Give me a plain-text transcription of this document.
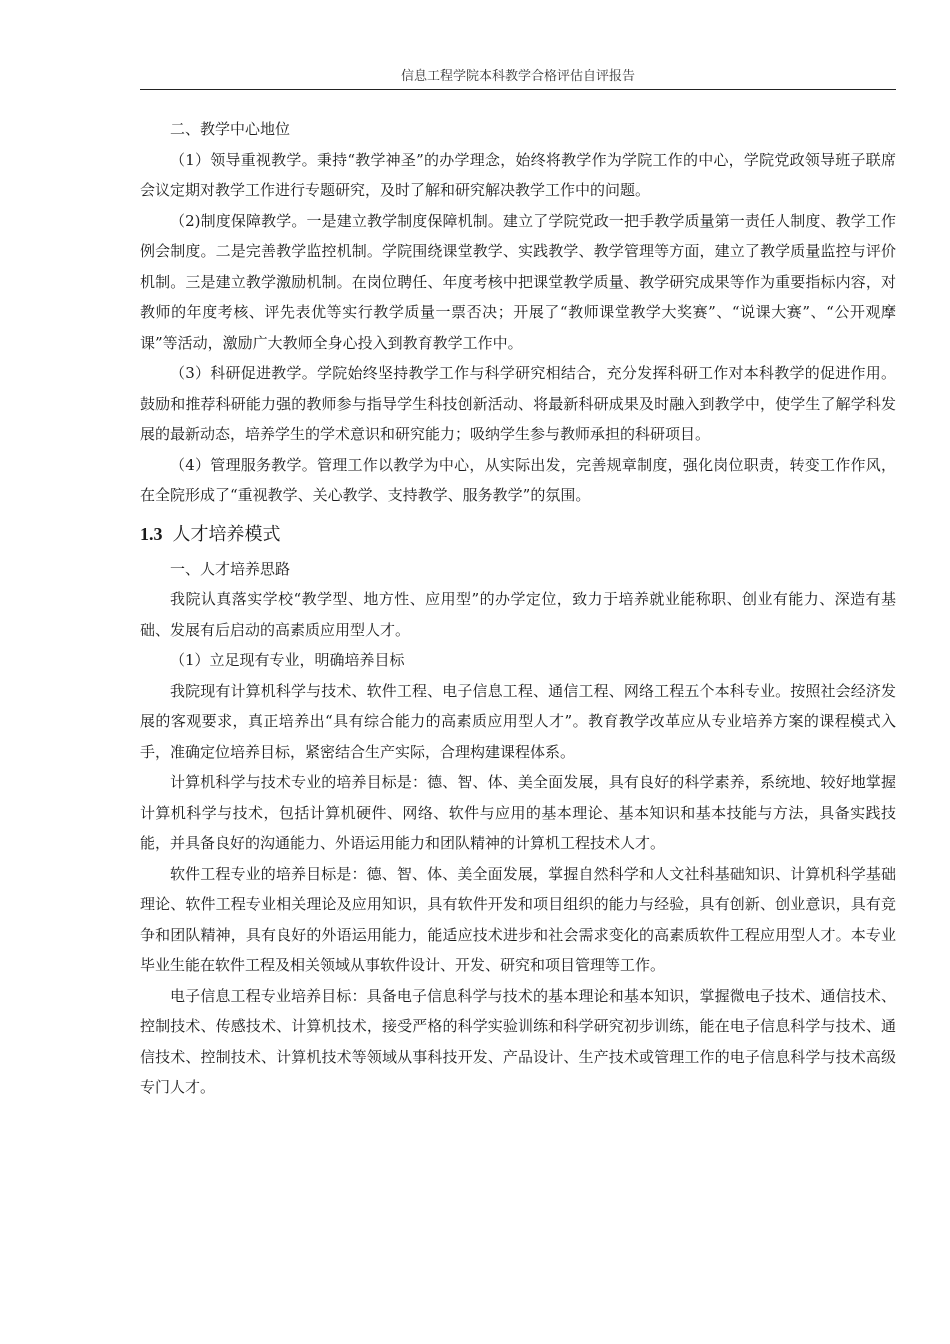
信息工程学院本科教学合格评估自评报告

二、教学中心地位

（1）领导重视教学。秉持“教学神圣”的办学理念，始终将教学作为学院工作的中心，学院党政领导班子联席会议定期对教学工作进行专题研究，及时了解和研究解决教学工作中的问题。

（2)制度保障教学。一是建立教学制度保障机制。建立了学院党政一把手教学质量第一责任人制度、教学工作例会制度。二是完善教学监控机制。学院围绕课堂教学、实践教学、教学管理等方面，建立了教学质量监控与评价机制。三是建立教学激励机制。在岗位聘任、年度考核中把课堂教学质量、教学研究成果等作为重要指标内容，对教师的年度考核、评先表优等实行教学质量一票否决；开展了“教师课堂教学大奖赛”、“说课大赛”、“公开观摩课”等活动，激励广大教师全身心投入到教育教学工作中。

（3）科研促进教学。学院始终坚持教学工作与科学研究相结合，充分发挥科研工作对本科教学的促进作用。鼓励和推荐科研能力强的教师参与指导学生科技创新活动、将最新科研成果及时融入到教学中，使学生了解学科发展的最新动态，培养学生的学术意识和研究能力；吸纳学生参与教师承担的科研项目。

（4）管理服务教学。管理工作以教学为中心，从实际出发，完善规章制度，强化岗位职责，转变工作作风，在全院形成了“重视教学、关心教学、支持教学、服务教学”的氛围。

1.3 人才培养模式

一、人才培养思路

我院认真落实学校“教学型、地方性、应用型”的办学定位，致力于培养就业能称职、创业有能力、深造有基础、发展有后启动的高素质应用型人才。

（1）立足现有专业，明确培养目标

我院现有计算机科学与技术、软件工程、电子信息工程、通信工程、网络工程五个本科专业。按照社会经济发展的客观要求，真正培养出“具有综合能力的高素质应用型人才”。教育教学改革应从专业培养方案的课程模式入手，准确定位培养目标，紧密结合生产实际，合理构建课程体系。

计算机科学与技术专业的培养目标是：德、智、体、美全面发展，具有良好的科学素养，系统地、较好地掌握计算机科学与技术，包括计算机硬件、网络、软件与应用的基本理论、基本知识和基本技能与方法，具备实践技能，并具备良好的沟通能力、外语运用能力和团队精神的计算机工程技术人才。

软件工程专业的培养目标是：德、智、体、美全面发展，掌握自然科学和人文社科基础知识、计算机科学基础理论、软件工程专业相关理论及应用知识，具有软件开发和项目组织的能力与经验，具有创新、创业意识，具有竞争和团队精神，具有良好的外语运用能力，能适应技术进步和社会需求变化的高素质软件工程应用型人才。本专业毕业生能在软件工程及相关领域从事软件设计、开发、研究和项目管理等工作。

电子信息工程专业培养目标：具备电子信息科学与技术的基本理论和基本知识，掌握微电子技术、通信技术、控制技术、传感技术、计算机技术，接受严格的科学实验训练和科学研究初步训练，能在电子信息科学与技术、通信技术、控制技术、计算机技术等领域从事科技开发、产品设计、生产技术或管理工作的电子信息科学与技术高级专门人才。
